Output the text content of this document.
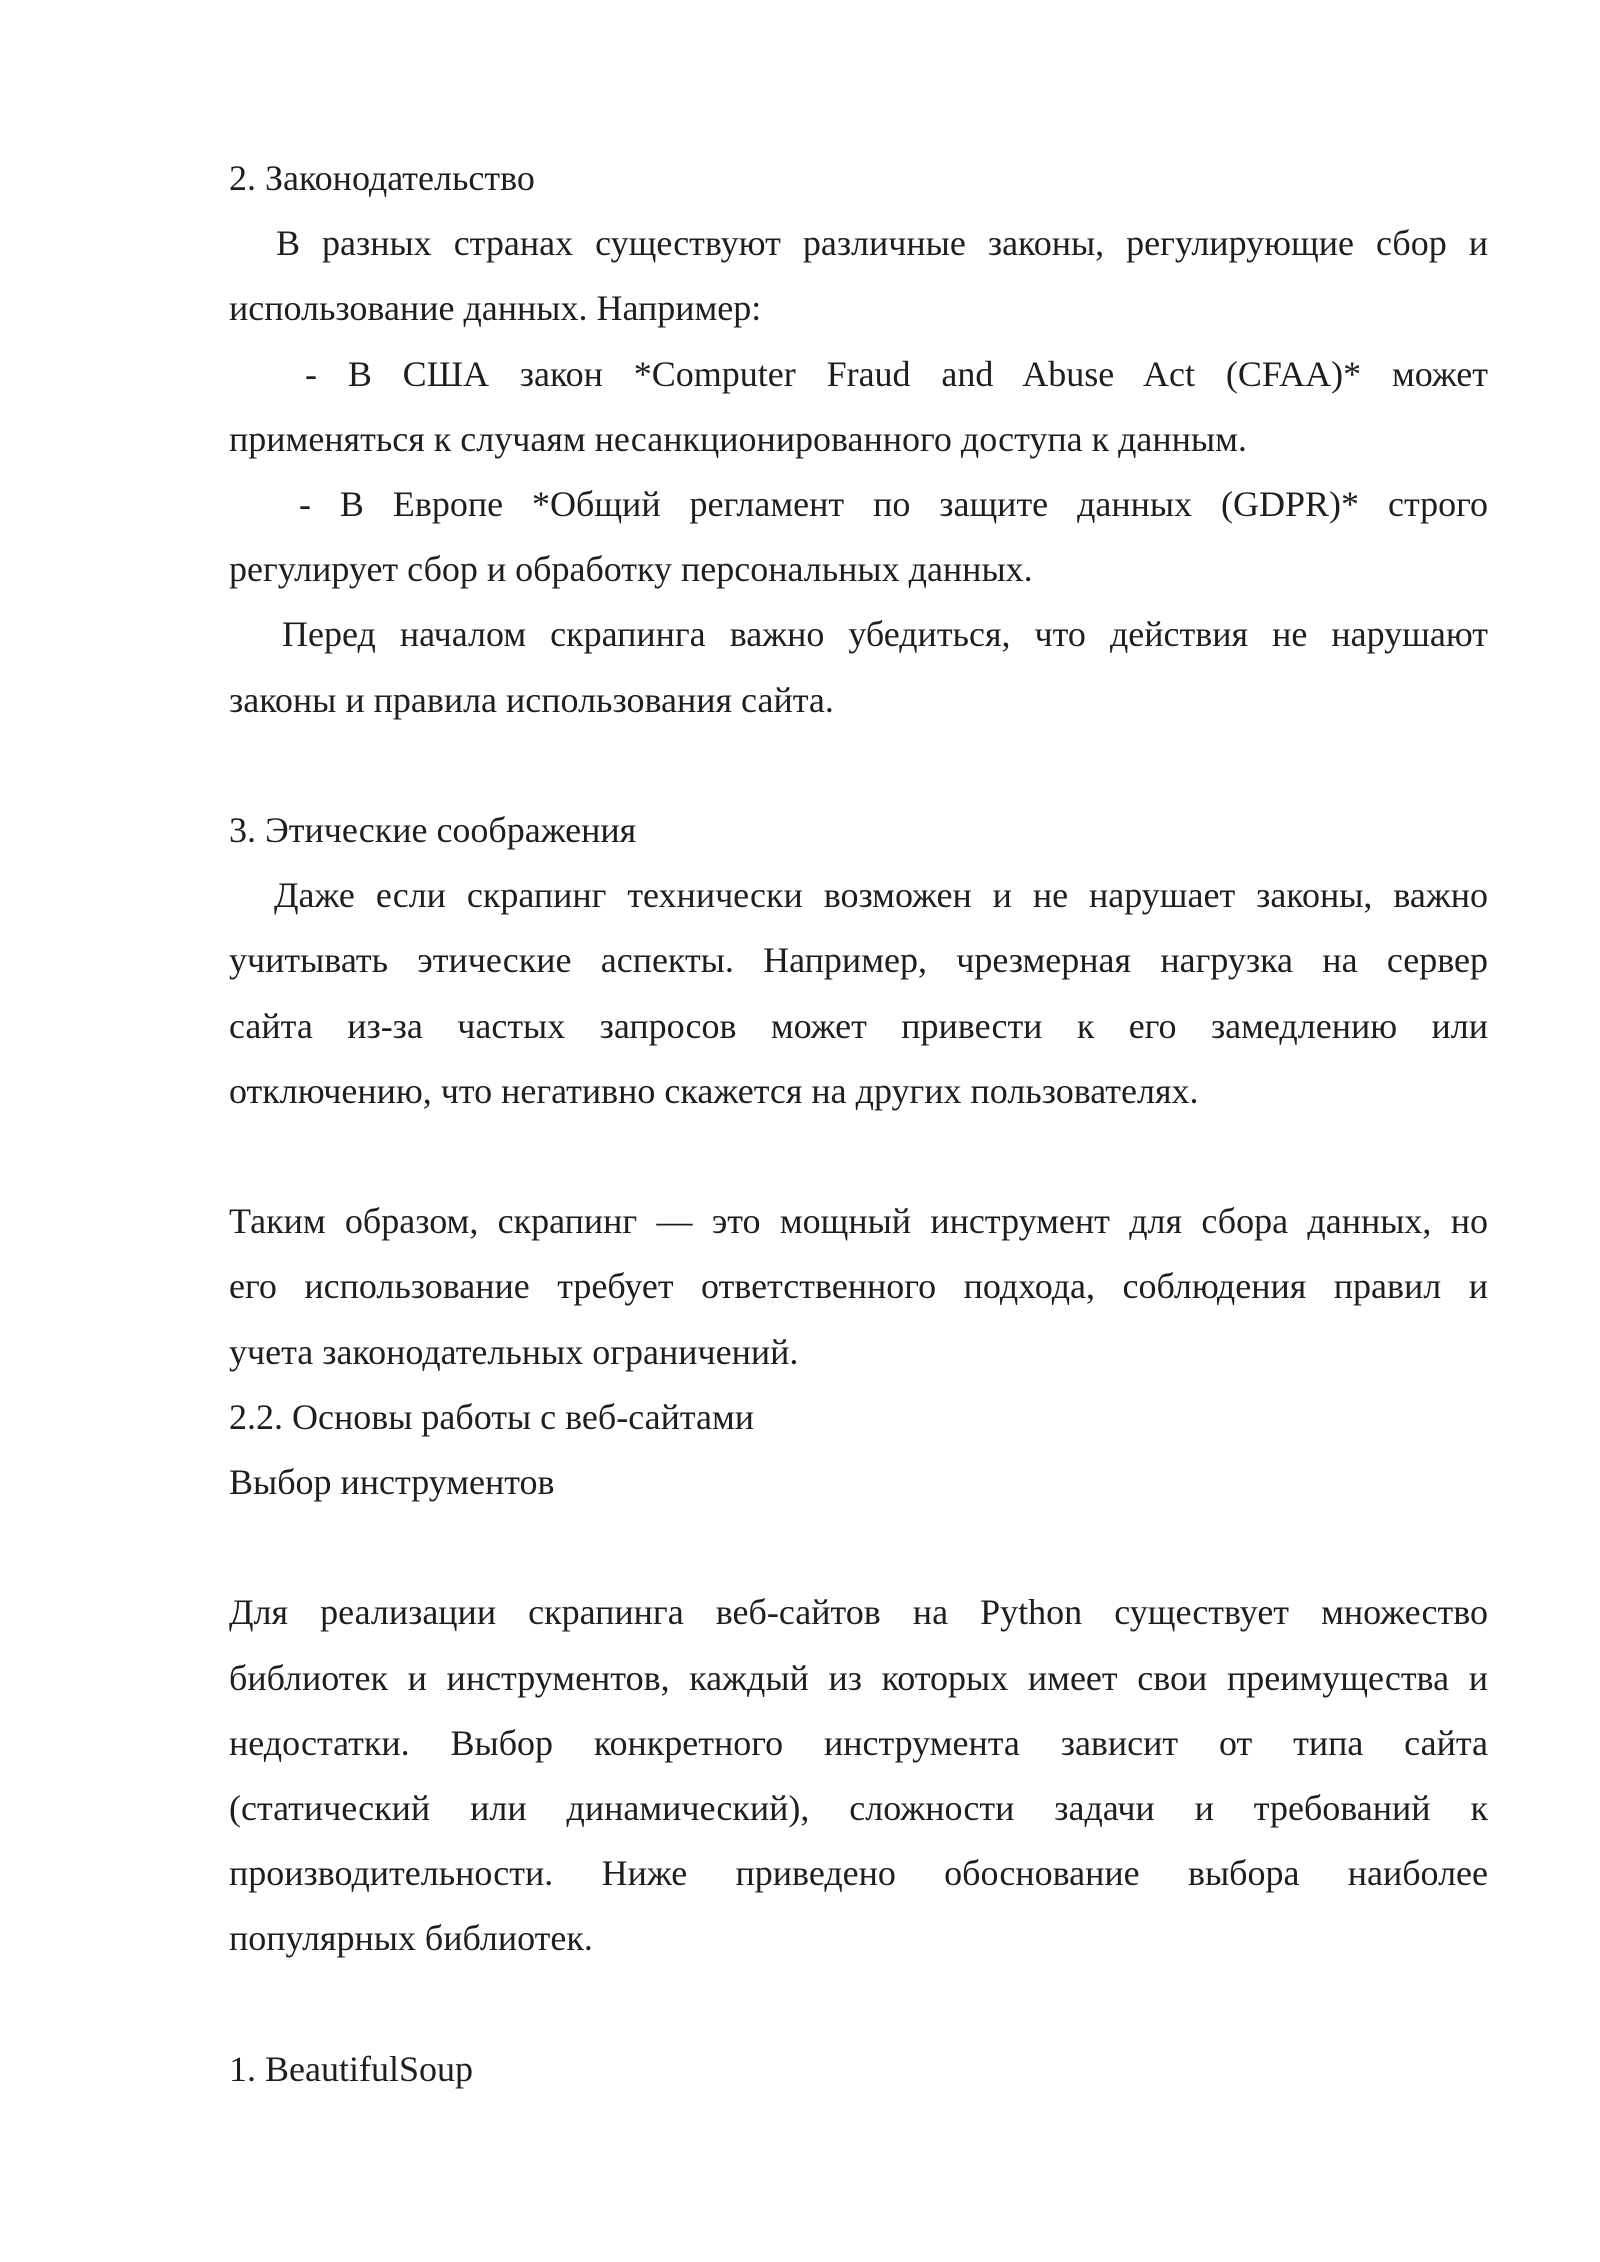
2. Законодательство
В разных странах существуют различные законы, регулирующие сбор и
использование данных. Например:
- В США закон *Computer Fraud and Abuse Act (CFAA)* может
применяться к случаям несанкционированного доступа к данным.
- В Европе *Общий регламент по защите данных (GDPR)* строго
регулирует сбор и обработку персональных данных.
Перед началом скрапинга важно убедиться, что действия не нарушают
законы и правила использования сайта.
3. Этические соображения
Даже если скрапинг технически возможен и не нарушает законы, важно
учитывать этические аспекты. Например, чрезмерная нагрузка на сервер
сайта из-за частых запросов может привести к его замедлению или
отключению, что негативно скажется на других пользователях.
Таким образом, скрапинг — это мощный инструмент для сбора данных, но
его использование требует ответственного подхода, соблюдения правил и
учета законодательных ограничений.
2.2. Основы работы с веб-сайтами
Выбор инструментов
Для реализации скрапинга веб-сайтов на Python существует множество
библиотек и инструментов, каждый из которых имеет свои преимущества и
недостатки. Выбор конкретного инструмента зависит от типа сайта
(статический или динамический), сложности задачи и требований к
производительности. Ниже приведено обоснование выбора наиболее
популярных библиотек.
1. BeautifulSoup
